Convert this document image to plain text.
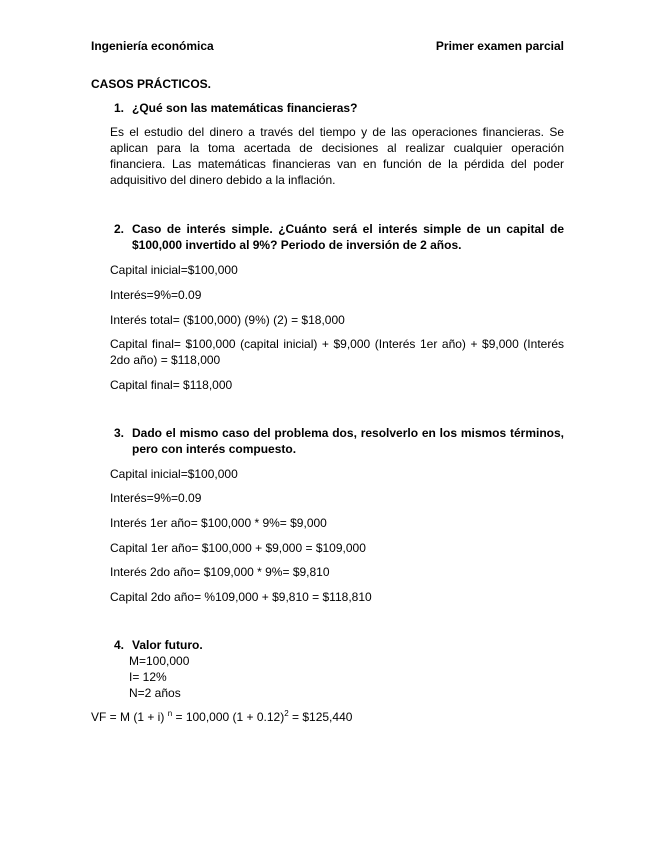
Ingeniería económica	Primer examen parcial
CASOS PRÁCTICOS.
1. ¿Qué son las matemáticas financieras?
Es el estudio del dinero a través del tiempo y de las operaciones financieras. Se aplican para la toma acertada de decisiones al realizar cualquier operación financiera. Las matemáticas financieras van en función de la pérdida del poder adquisitivo del dinero debido a la inflación.
2. Caso de interés simple. ¿Cuánto será el interés simple de un capital de $100,000 invertido al 9%? Periodo de inversión de 2 años.
Capital inicial=$100,000
Interés=9%=0.09
Interés total= ($100,000) (9%) (2) = $18,000
Capital final= $100,000 (capital inicial) + $9,000 (Interés 1er año) + $9,000 (Interés 2do año) = $118,000
Capital final= $118,000
3. Dado el mismo caso del problema dos, resolverlo en los mismos términos, pero con interés compuesto.
Capital inicial=$100,000
Interés=9%=0.09
Interés 1er año= $100,000 * 9%= $9,000
Capital 1er año= $100,000 + $9,000 = $109,000
Interés 2do año= $109,000 * 9%= $9,810
Capital 2do año= %109,000 + $9,810 = $118,810
4. Valor futuro.
M=100,000
I= 12%
N=2 años
VF = M (1 + i) $^n$ = 100,000 $(1 + 0.12)^2$ = $125,440
